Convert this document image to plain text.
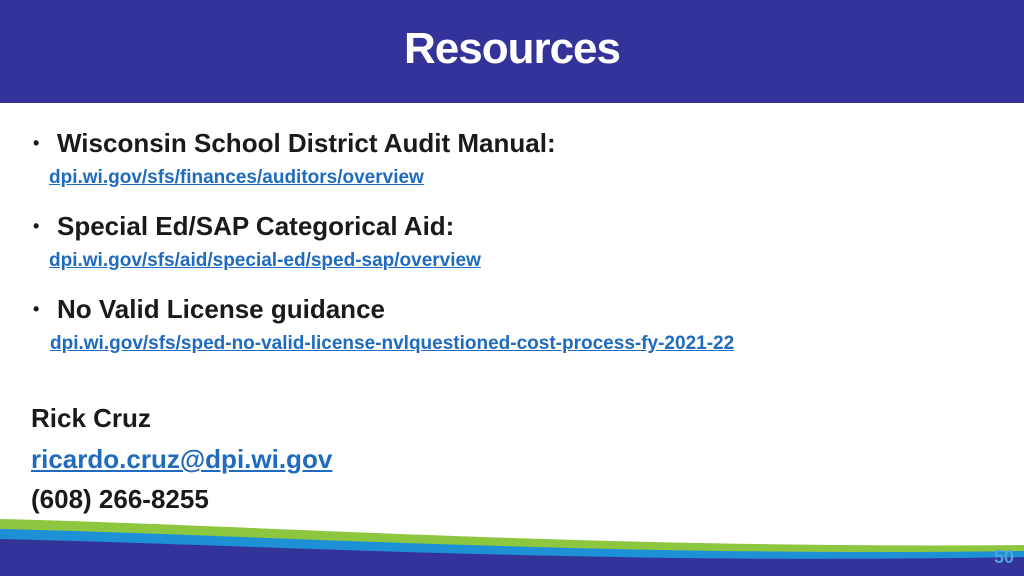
Resources
• Wisconsin School District Audit Manual:
dpi.wi.gov/sfs/finances/auditors/overview
• Special Ed/SAP Categorical Aid:
dpi.wi.gov/sfs/aid/special-ed/sped-sap/overview
• No Valid License guidance
dpi.wi.gov/sfs/sped-no-valid-license-nvlquestioned-cost-process-fy-2021-22
Rick Cruz
ricardo.cruz@dpi.wi.gov
(608) 266-8255
50
